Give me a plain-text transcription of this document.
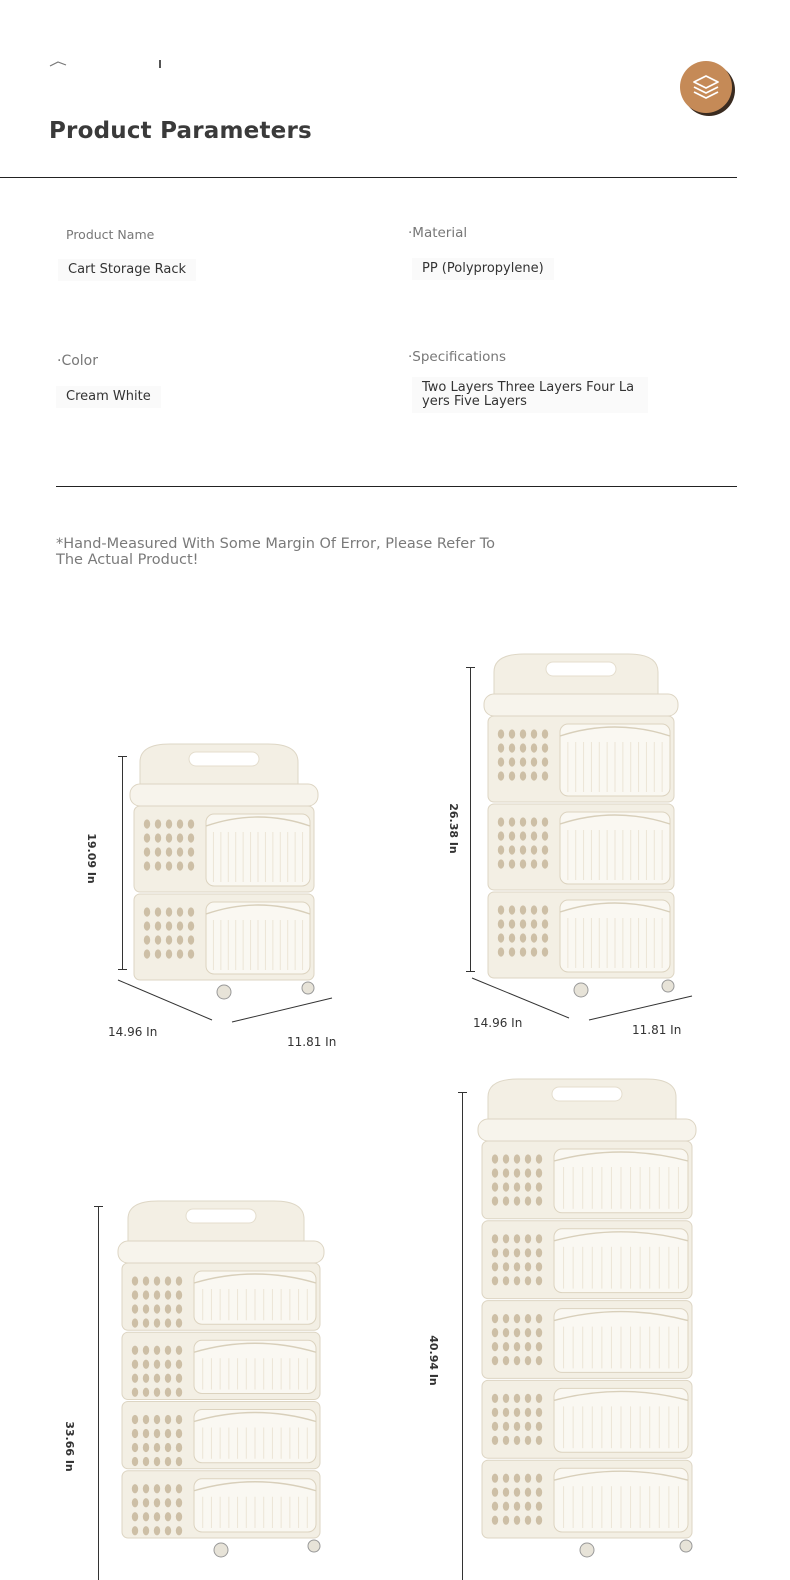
Product Parameters
Product Name
Cart Storage Rack
·Material
PP (Polypropylene)
·Color
Cream White
·Specifications
Two Layers Three Layers Four Layers Five Layers
*Hand-Measured With Some Margin Of Error, Please Refer To The Actual Product!
19.09 In
14.96 In
11.81 In
26.38 In
14.96 In	11.81 In
33.66 In
40.94 In
